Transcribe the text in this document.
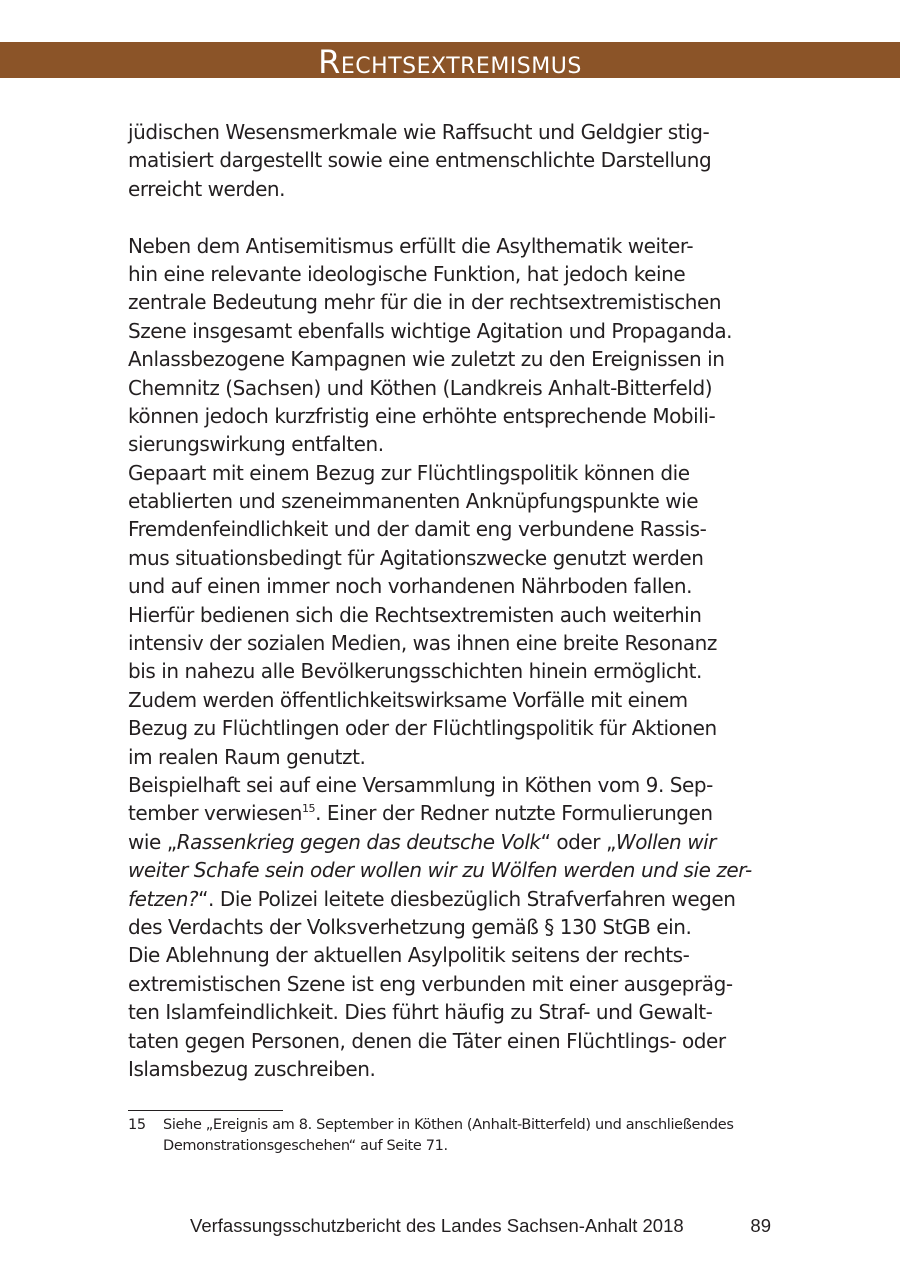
Rechtsextremismus
jüdischen Wesensmerkmale wie Raffsucht und Geldgier stig-
matisiert dargestellt sowie eine entmenschlichte Darstellung
erreicht werden.
Neben dem Antisemitismus erfüllt die Asylthematik weiter-
hin eine relevante ideologische Funktion, hat jedoch keine
zentrale Bedeutung mehr für die in der rechtsextremistischen
Szene insgesamt ebenfalls wichtige Agitation und Propaganda.
Anlassbezogene Kampagnen wie zuletzt zu den Ereignissen in
Chemnitz (Sachsen) und Köthen (Landkreis Anhalt-Bitterfeld)
können jedoch kurzfristig eine erhöhte entsprechende Mobili-
sierungswirkung entfalten.
Gepaart mit einem Bezug zur Flüchtlingspolitik können die
etablierten und szeneimmanenten Anknüpfungspunkte wie
Fremdenfeindlichkeit und der damit eng verbundene Rassis-
mus situationsbedingt für Agitationszwecke genutzt werden
und auf einen immer noch vorhandenen Nährboden fallen.
Hierfür bedienen sich die Rechtsextremisten auch weiterhin
intensiv der sozialen Medien, was ihnen eine breite Resonanz
bis in nahezu alle Bevölkerungsschichten hinein ermöglicht.
Zudem werden öffentlichkeitswirksame Vorfälle mit einem
Bezug zu Flüchtlingen oder der Flüchtlingspolitik für Aktionen
im realen Raum genutzt.
Beispielhaft sei auf eine Versammlung in Köthen vom 9. Sep-
tember verwiesen$^{15}$. Einer der Redner nutzte Formulierungen
wie „Rassenkrieg gegen das deutsche Volk“ oder „Wollen wir
weiter Schafe sein oder wollen wir zu Wölfen werden und sie zer-
fetzen?“. Die Polizei leitete diesbezüglich Strafverfahren wegen
des Verdachts der Volksverhetzung gemäß § 130 StGB ein.
Die Ablehnung der aktuellen Asylpolitik seitens der rechts-
extremistischen Szene ist eng verbunden mit einer ausgepräg-
ten Islamfeindlichkeit. Dies führt häufig zu Straf- und Gewalt-
taten gegen Personen, denen die Täter einen Flüchtlings- oder
Islamsbezug zuschreiben.
15	Siehe „Ereignis am 8. September in Köthen (Anhalt-Bitterfeld) und anschließendes
Demonstrationsgeschehen“ auf Seite 71.
Verfassungsschutzbericht des Landes Sachsen-Anhalt 2018	89
